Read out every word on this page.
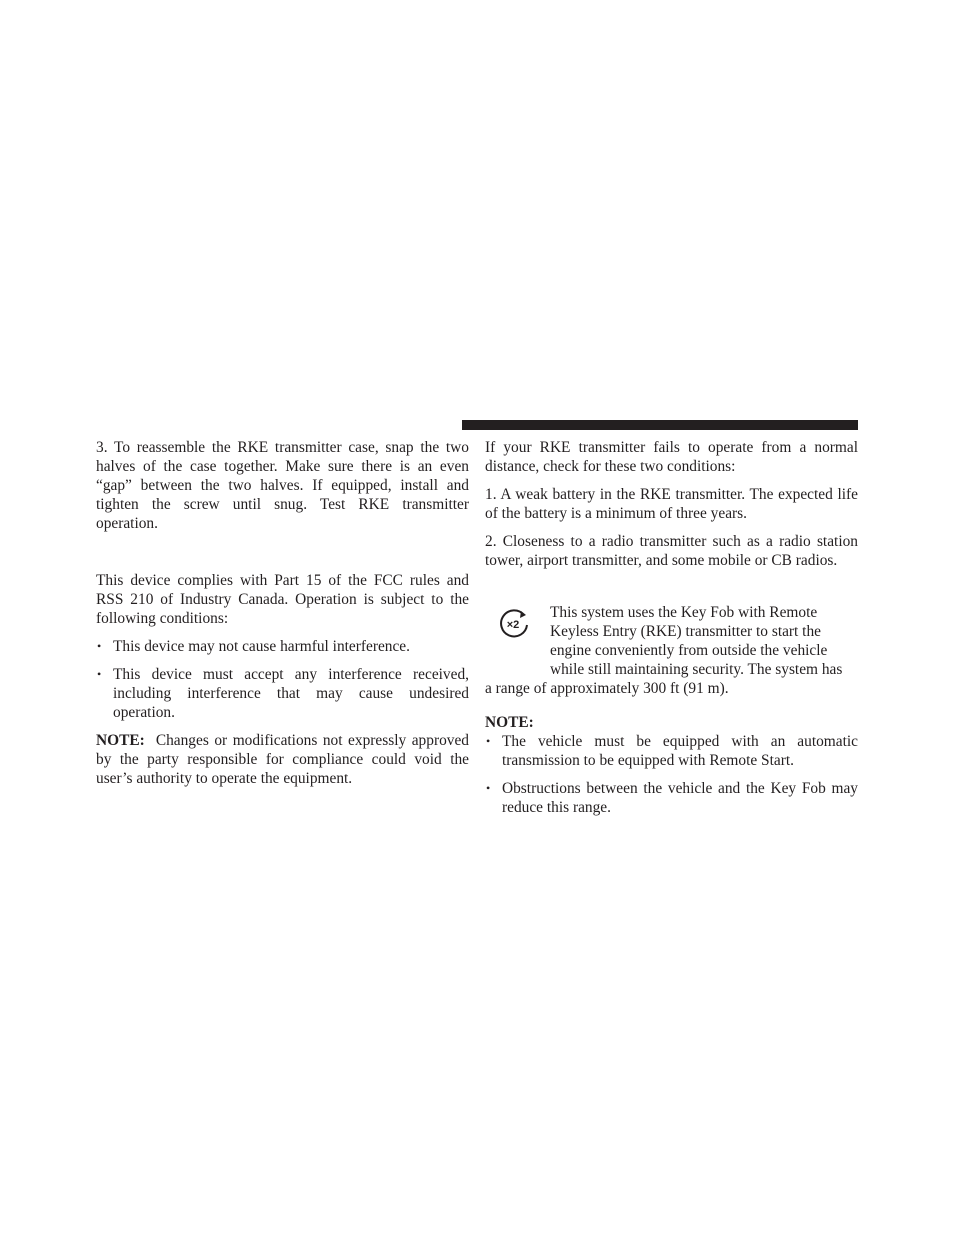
3. To reassemble the RKE transmitter case, snap the two halves of the case together. Make sure there is an even “gap” between the two halves. If equipped, install and tighten the screw until snug. Test RKE transmitter operation.

This device complies with Part 15 of the FCC rules and RSS 210 of Industry Canada. Operation is subject to the following conditions:

• This device may not cause harmful interference.
• This device must accept any interference received, including interference that may cause undesired operation.

NOTE: Changes or modifications not expressly approved by the party responsible for compliance could void the user’s authority to operate the equipment.

If your RKE transmitter fails to operate from a normal distance, check for these two conditions:

1. A weak battery in the RKE transmitter. The expected life of the battery is a minimum of three years.

2. Closeness to a radio transmitter such as a radio station tower, airport transmitter, and some mobile or CB radios.

×2
This system uses the Key Fob with Remote
Keyless Entry (RKE) transmitter to start the
engine conveniently from outside the vehicle
while still maintaining security. The system has
a range of approximately 300 ft (91 m).

NOTE:

• The vehicle must be equipped with an automatic transmission to be equipped with Remote Start.
• Obstructions between the vehicle and the Key Fob may reduce this range.
